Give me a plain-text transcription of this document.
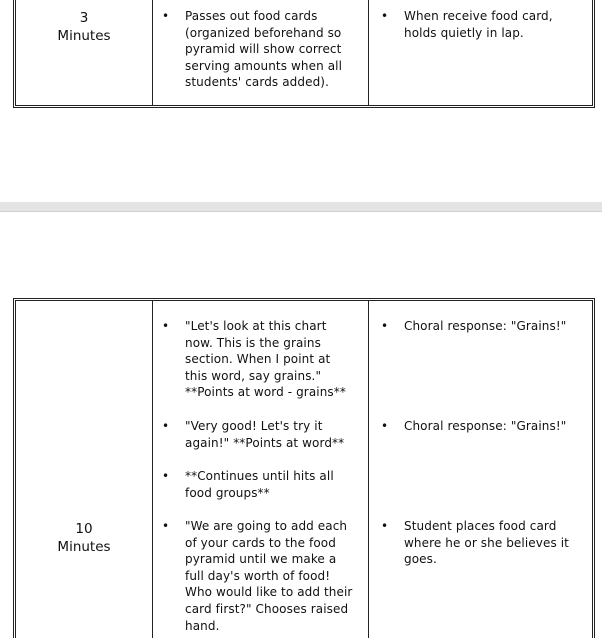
3
Minutes
• Passes out food cards (organized beforehand so pyramid will show correct serving amounts when all students' cards added).
• When receive food card, holds quietly in lap.
10
Minutes
• "Let's look at this chart now. This is the grains section. When I point at this word, say grains." **Points at word - grains**
• "Very good! Let's try it again!" **Points at word**
• **Continues until hits all food groups**
• "We are going to add each of your cards to the food pyramid until we make a full day's worth of food! Who would like to add their card first?" Chooses raised hand.
• Choral response: "Grains!"
• Choral response: "Grains!"
• Student places food card where he or she believes it goes.
